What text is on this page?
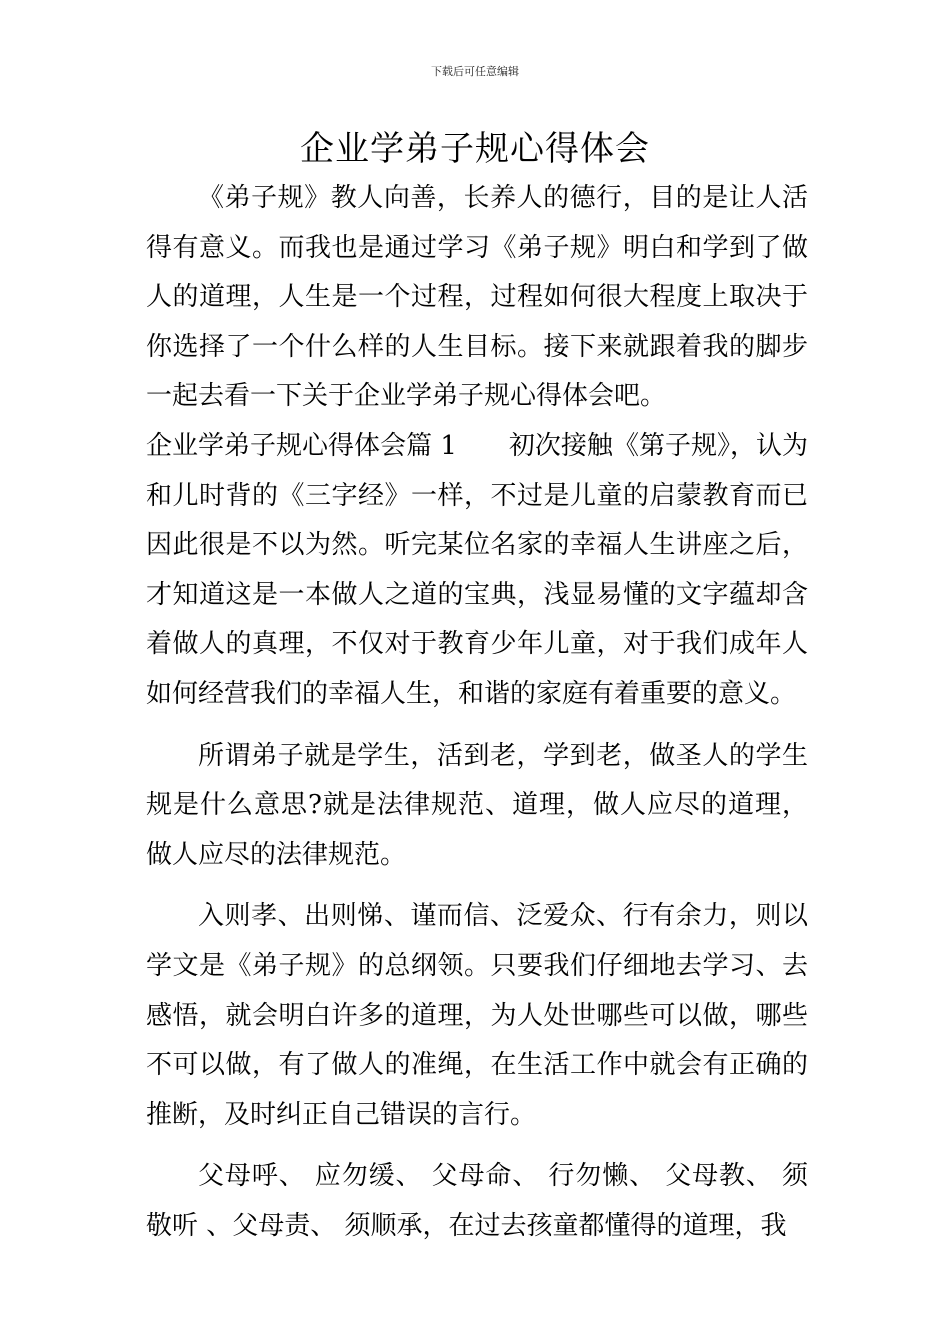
下载后可任意编辑
企业学弟子规心得体会

《弟子规》教人向善，长养人的德行，目的是让人活得有意义。而我也是通过学习《弟子规》明白和学到了做人的道理，人生是一个过程，过程如何很大程度上取决于你选择了一个什么样的人生目标。接下来就跟着我的脚步一起去看一下关于企业学弟子规心得体会吧。

企业学弟子规心得体会篇 1 初次接触《第子规》，认为和儿时背的《三字经》一样，不过是儿童的启蒙教育而已因此很是不以为然。听完某位名家的幸福人生讲座之后，才知道这是一本做人之道的宝典，浅显易懂的文字蕴却含着做人的真理，不仅对于教育少年儿童，对于我们成年人如何经营我们的幸福人生，和谐的家庭有着重要的意义。

所谓弟子就是学生，活到老，学到老，做圣人的学生规是什么意思?就是法律规范、道理，做人应尽的道理，做人应尽的法律规范。

入则孝、出则悌、谨而信、泛爱众、行有余力，则以学文是《弟子规》的总纲领。只要我们仔细地去学习、去感悟，就会明白许多的道理，为人处世哪些可以做，哪些不可以做，有了做人的准绳，在生活工作中就会有正确的推断，及时纠正自己错误的言行。

父母呼、 应勿缓、 父母命、 行勿懒、 父母教、 须敬听 、父母责、 须顺承，在过去孩童都懂得的道理，我
